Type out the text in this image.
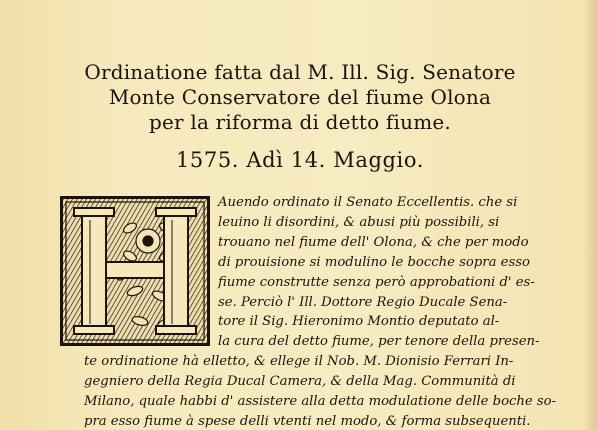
Ordinatione fatta dal M. Ill. Sig. Senatore
Monte Conservatore del fiume Olona
per la riforma di detto fiume.
1575. Adì 14. Maggio.
Auendo ordinato il Senato Eccellentis. che si
leuino li disordini, & abusi più possibili, si
trouano nel fiume dell' Olona, & che per modo
di prouisione si modulino le bocche sopra esso
fiume construtte senza però approbationi d' es-
se. Perciò l' Ill. Dottore Regio Ducale Sena-
tore il Sig. Hieronimo Montio deputato al-
la cura del detto fiume, per tenore della presen-
te ordinatione hà elletto, & ellege il Nob. M. Dionisio Ferrari In-
gegniero della Regia Ducal Camera, & della Mag. Communità di
Milano, quale habbi d' assistere alla detta modulatione delle boche so-
pra esso fiume à spese delli vtenti nel modo, & forma subsequenti.
